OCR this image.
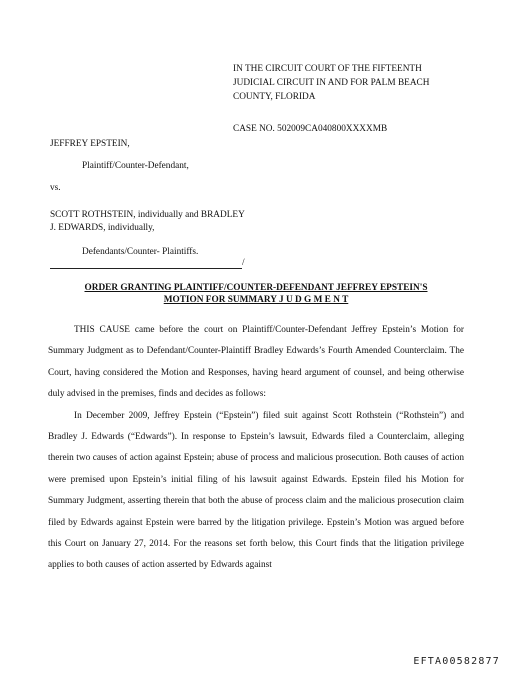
IN THE CIRCUIT COURT OF THE FIFTEENTH
JUDICIAL CIRCUIT IN AND FOR PALM BEACH
COUNTY, FLORIDA
CASE NO. 502009CA040800XXXXMB
JEFFREY EPSTEIN,
Plaintiff/Counter-Defendant,
vs.
SCOTT ROTHSTEIN, individually and BRADLEY
J. EDWARDS, individually,
Defendants/Counter- Plaintiffs.
/
ORDER GRANTING PLAINTIFF/COUNTER-DEFENDANT JEFFREY EPSTEIN'S
MOTION FOR SUMMARY J U D G M E N T

THIS CAUSE came before the court on Plaintiff/Counter-Defendant Jeffrey Epstein’s Motion for Summary Judgment as to Defendant/Counter-Plaintiff Bradley Edwards’s Fourth Amended Counterclaim. The Court, having considered the Motion and Responses, having heard argument of counsel, and being otherwise duly advised in the premises, finds and decides as follows:

In December 2009, Jeffrey Epstein (“Epstein”) filed suit against Scott Rothstein (“Rothstein”) and Bradley J. Edwards (“Edwards”). In response to Epstein’s lawsuit, Edwards filed a Counterclaim, alleging therein two causes of action against Epstein; abuse of process and malicious prosecution. Both causes of action were premised upon Epstein’s initial filing of his lawsuit against Edwards. Epstein filed his Motion for Summary Judgment, asserting therein that both the abuse of process claim and the malicious prosecution claim filed by Edwards against Epstein were barred by the litigation privilege. Epstein’s Motion was argued before this Court on January 27, 2014. For the reasons set forth below, this Court finds that the litigation privilege applies to both causes of action asserted by Edwards against

EFTA00582877
